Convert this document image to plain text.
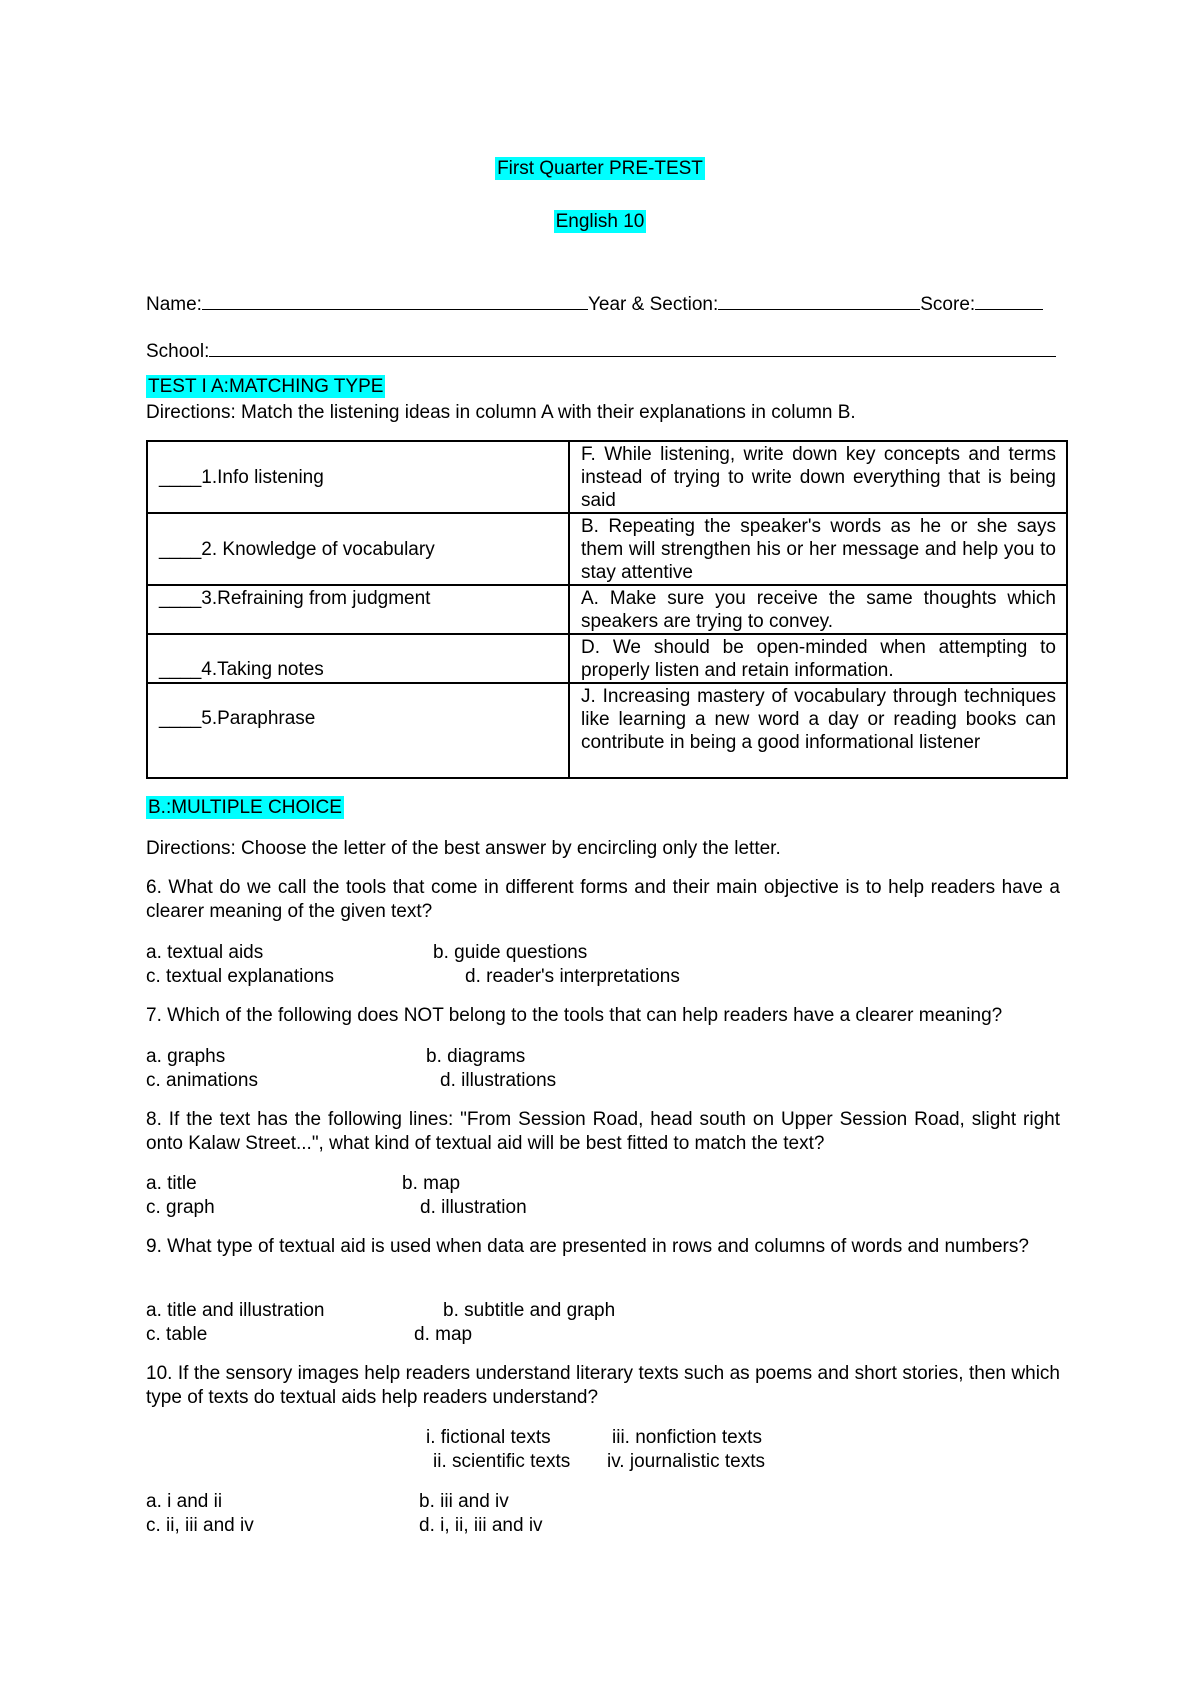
First Quarter PRE-TEST
English 10
Name:	Year & Section:	Score:
School:
TEST I A:MATCHING TYPE
Directions: Match the listening ideas in column A with their explanations in column B.
____1.Info listening	F. While listening, write down key concepts and terms instead of trying to write down everything that is being said
____2. Knowledge of vocabulary	B. Repeating the speaker's words as he or she says them will strengthen his or her message and help you to stay attentive
____3.Refraining from judgment	A. Make sure you receive the same thoughts which speakers are trying to convey.
____4.Taking notes	D. We should be open-minded when attempting to properly listen and retain information.
____5.Paraphrase	J. Increasing mastery of vocabulary through techniques like learning a new word a day or reading books can contribute in being a good informational listener
B.:MULTIPLE CHOICE
Directions: Choose the letter of the best answer by encircling only the letter.
6. What do we call the tools that come in different forms and their main objective is to help readers have a clearer meaning of the given text?
a. textual aids	b. guide questions
c. textual explanations	d. reader's interpretations
7. Which of the following does NOT belong to the tools that can help readers have a clearer meaning?
a. graphs	b. diagrams
c. animations	d. illustrations
8. If the text has the following lines: "From Session Road, head south on Upper Session Road, slight right onto Kalaw Street...", what kind of textual aid will be best fitted to match the text?
a. title	b. map
c. graph	d. illustration
9. What type of textual aid is used when data are presented in rows and columns of words and numbers?
a. title and illustration	b. subtitle and graph
c. table	d. map
10. If the sensory images help readers understand literary texts such as poems and short stories, then which type of texts do textual aids help readers understand?
i. fictional texts	iii. nonfiction texts
ii. scientific texts iv. journalistic texts
a. i and ii	b. iii and iv
c. ii, iii and iv	d. i, ii, iii and iv
